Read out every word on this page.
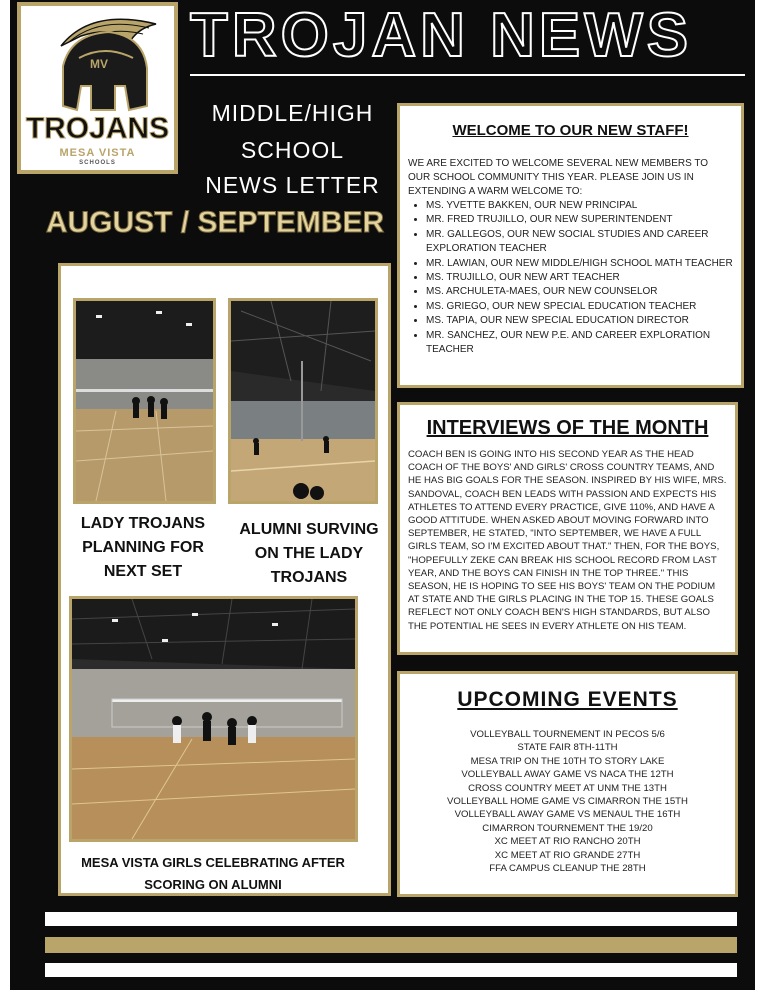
MV
TROJANS
MESA VISTA
SCHOOLS
TROJAN NEWS
MIDDLE/HIGH
SCHOOL
NEWS LETTER
AUGUST / SEPTEMBER
WELCOME TO OUR NEW STAFF!
WE ARE EXCITED TO WELCOME SEVERAL NEW MEMBERS TO OUR SCHOOL COMMUNITY THIS YEAR. PLEASE JOIN US IN EXTENDING A WARM WELCOME TO:
• MS. YVETTE BAKKEN, OUR NEW PRINCIPAL
• MR. FRED TRUJILLO, OUR NEW SUPERINTENDENT
• MR. GALLEGOS, OUR NEW SOCIAL STUDIES AND CAREER EXPLORATION TEACHER
• MR. LAWIAN, OUR NEW MIDDLE/HIGH SCHOOL MATH TEACHER
• MS. TRUJILLO, OUR NEW ART TEACHER
• MS. ARCHULETA-MAES, OUR NEW COUNSELOR
• MS. GRIEGO, OUR NEW SPECIAL EDUCATION TEACHER
• MS. TAPIA, OUR NEW SPECIAL EDUCATION DIRECTOR
• MR. SANCHEZ, OUR NEW P.E. AND CAREER EXPLORATION TEACHER
INTERVIEWS OF THE MONTH
COACH BEN IS GOING INTO HIS SECOND YEAR AS THE HEAD COACH OF THE BOYS' AND GIRLS' CROSS COUNTRY TEAMS, AND HE HAS BIG GOALS FOR THE SEASON. INSPIRED BY HIS WIFE, MRS. SANDOVAL, COACH BEN LEADS WITH PASSION AND EXPECTS HIS ATHLETES TO ATTEND EVERY PRACTICE, GIVE 110%, AND HAVE A GOOD ATTITUDE. WHEN ASKED ABOUT MOVING FORWARD INTO SEPTEMBER, HE STATED, "INTO SEPTEMBER, WE HAVE A FULL GIRLS TEAM, SO I'M EXCITED ABOUT THAT." THEN, FOR THE BOYS, "HOPEFULLY ZEKE CAN BREAK HIS SCHOOL RECORD FROM LAST YEAR, AND THE BOYS CAN FINISH IN THE TOP THREE." THIS SEASON, HE IS HOPING TO SEE HIS BOYS' TEAM ON THE PODIUM AT STATE AND THE GIRLS PLACING IN THE TOP 15. THESE GOALS REFLECT NOT ONLY COACH BEN'S HIGH STANDARDS, BUT ALSO THE POTENTIAL HE SEES IN EVERY ATHLETE ON HIS TEAM.
UPCOMING EVENTS
VOLLEYBALL TOURNEMENT IN PECOS 5/6
STATE FAIR 8TH-11TH
MESA TRIP ON THE 10TH TO STORY LAKE
VOLLEYBALL AWAY GAME VS NACA THE 12TH
CROSS COUNTRY MEET AT UNM THE 13TH
VOLLEYBALL HOME GAME VS CIMARRON THE 15TH
VOLLEYBALL AWAY GAME VS MENAUL THE 16TH
CIMARRON TOURNEMENT THE 19/20
XC MEET AT RIO RANCHO 20TH
XC MEET AT RIO GRANDE 27TH
FFA CAMPUS CLEANUP THE 28TH
LADY TROJANS PLANNING FOR NEXT SET
ALUMNI SURVING ON THE LADY TROJANS
MESA VISTA GIRLS CELEBRATING AFTER SCORING ON ALUMNI
